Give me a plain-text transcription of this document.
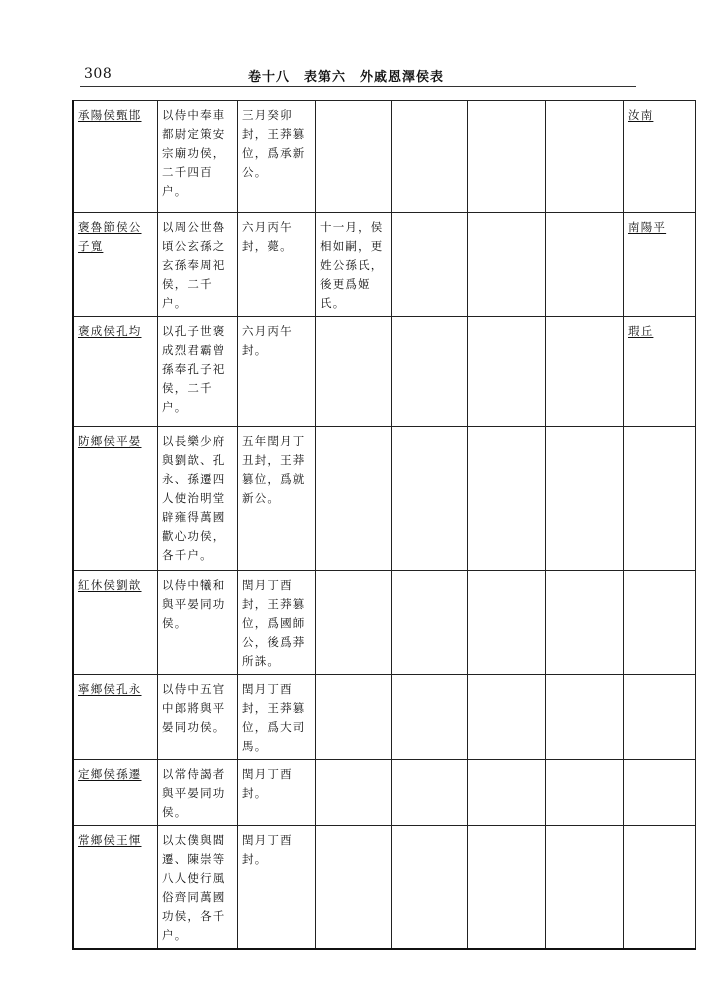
308	卷十八　表第六　外戚恩澤侯表
承陽侯甄邯	以侍中奉車都尉定策安宗廟功侯，二千四百户。	三月癸卯封，王莽篡位，爲承新公。					汝南
褒魯節侯公子寬	以周公世魯頃公玄孫之玄孫奉周祀侯，二千户。	六月丙午封，薨。	十一月，侯相如嗣，更姓公孫氏，後更爲姬氏。				南陽平
褒成侯孔均	以孔子世褒成烈君霸曾孫奉孔子祀侯，二千户。	六月丙午封。					瑕丘
防鄉侯平晏	以長樂少府與劉歆、孔永、孫遷四人使治明堂辟雍得萬國歡心功侯，各千户。	五年閏月丁丑封，王莽篡位，爲就新公。					
紅休侯劉歆	以侍中犧和與平晏同功侯。	閏月丁酉封，王莽篡位，爲國師公，後爲莽所誅。					
寧鄉侯孔永	以侍中五官中郎將與平晏同功侯。	閏月丁酉封，王莽篡位，爲大司馬。					
定鄉侯孫遷	以常侍謁者與平晏同功侯。	閏月丁酉封。					
常鄉侯王惲	以太僕與閻遷、陳崇等八人使行風俗齊同萬國功侯，各千户。	閏月丁酉封。					
